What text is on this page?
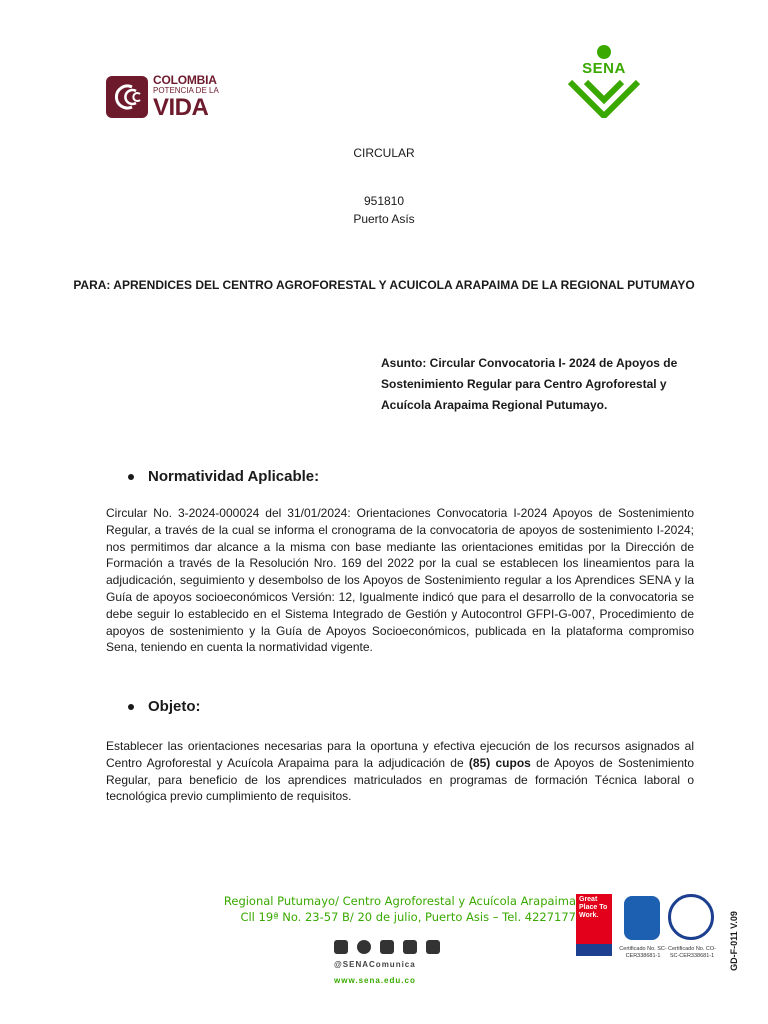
COLOMBIA
POTENCIA DE LA
VIDA
SENA
CIRCULAR
951810
Puerto Asís
PARA: APRENDICES DEL CENTRO AGROFORESTAL Y ACUICOLA ARAPAIMA DE LA REGIONAL PUTUMAYO
Asunto: Circular Convocatoria I- 2024 de Apoyos de Sostenimiento Regular para Centro Agroforestal y Acuícola Arapaima Regional Putumayo.
Normatividad Aplicable:
Circular No. 3-2024-000024 del 31/01/2024: Orientaciones Convocatoria I-2024 Apoyos de Sostenimiento Regular, a través de la cual se informa el cronograma de la convocatoria de apoyos de sostenimiento I-2024; nos permitimos dar alcance a la misma con base mediante las orientaciones emitidas por la Dirección de Formación a través de la Resolución Nro. 169 del 2022 por la cual se establecen los lineamientos para la adjudicación, seguimiento y desembolso de los Apoyos de Sostenimiento regular a los Aprendices SENA y la Guía de apoyos socioeconómicos Versión: 12, Igualmente indicó que para el desarrollo de la convocatoria se debe seguir lo establecido en el Sistema Integrado de Gestión y Autocontrol GFPI-G-007, Procedimiento de apoyos de sostenimiento y la Guía de Apoyos Socioeconómicos, publicada en la plataforma compromiso Sena, teniendo en cuenta la normatividad vigente.
Objeto:
Establecer las orientaciones necesarias para la oportuna y efectiva ejecución de los recursos asignados al Centro Agroforestal y Acuícola Arapaima para la adjudicación de (85) cupos de Apoyos de Sostenimiento Regular, para beneficio de los aprendices matriculados en programas de formación Técnica laboral o tecnológica previo cumplimiento de requisitos.
Regional Putumayo/ Centro Agroforestal y Acuícola Arapaima
Cll 19ª No. 23-57 B/ 20 de julio, Puerto Asis – Tel. 4227177
@SENAComunica
www.sena.edu.co
Great Place To Work.
Certificado No. SC-CER338681-1
Certificado No. CO-SC-CER338681-1	GD-F-011 V.09
